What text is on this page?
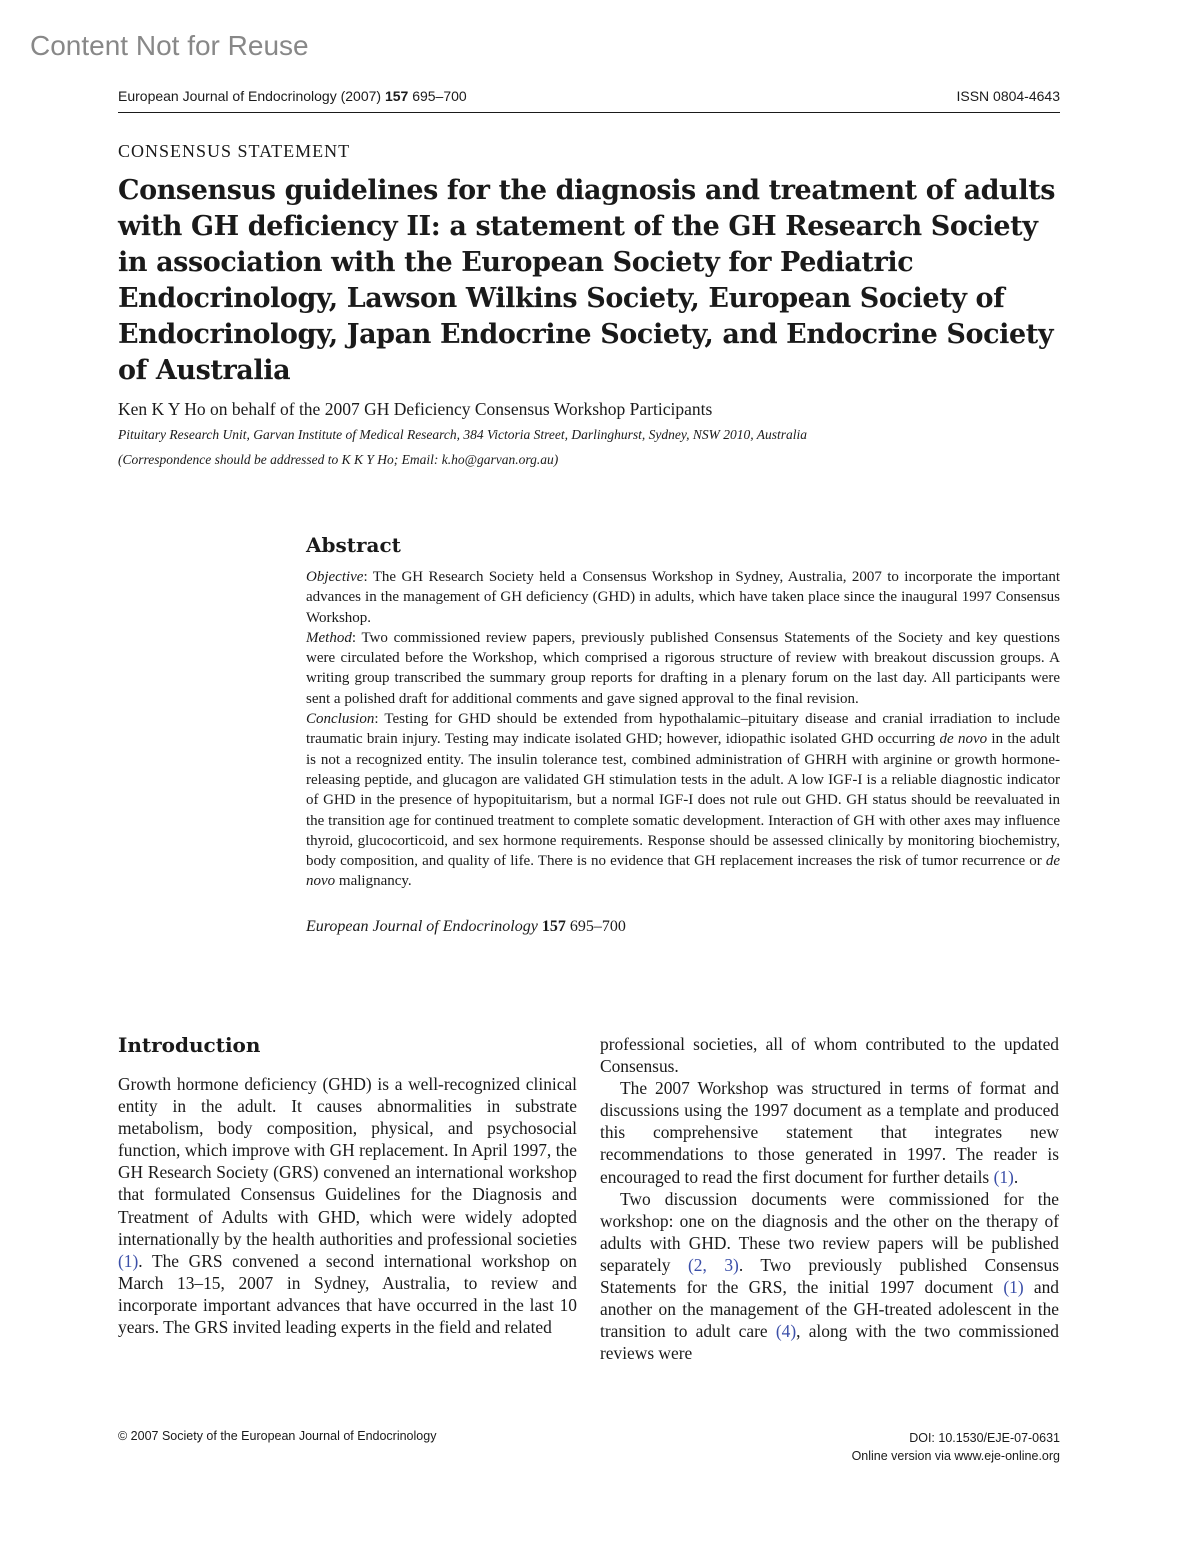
Content Not for Reuse
European Journal of Endocrinology (2007) 157 695–700	ISSN 0804-4643
CONSENSUS STATEMENT
Consensus guidelines for the diagnosis and treatment of adults with GH deficiency II: a statement of the GH Research Society in association with the European Society for Pediatric Endocrinology, Lawson Wilkins Society, European Society of Endocrinology, Japan Endocrine Society, and Endocrine Society of Australia
Ken K Y Ho on behalf of the 2007 GH Deficiency Consensus Workshop Participants
Pituitary Research Unit, Garvan Institute of Medical Research, 384 Victoria Street, Darlinghurst, Sydney, NSW 2010, Australia
(Correspondence should be addressed to K K Y Ho; Email: k.ho@garvan.org.au)
Abstract

Objective: The GH Research Society held a Consensus Workshop in Sydney, Australia, 2007 to incorporate the important advances in the management of GH deficiency (GHD) in adults, which have taken place since the inaugural 1997 Consensus Workshop.

Method: Two commissioned review papers, previously published Consensus Statements of the Society and key questions were circulated before the Workshop, which comprised a rigorous structure of review with breakout discussion groups. A writing group transcribed the summary group reports for drafting in a plenary forum on the last day. All participants were sent a polished draft for additional comments and gave signed approval to the final revision.

Conclusion: Testing for GHD should be extended from hypothalamic–pituitary disease and cranial irradiation to include traumatic brain injury. Testing may indicate isolated GHD; however, idiopathic isolated GHD occurring de novo in the adult is not a recognized entity. The insulin tolerance test, combined administration of GHRH with arginine or growth hormone-releasing peptide, and glucagon are validated GH stimulation tests in the adult. A low IGF-I is a reliable diagnostic indicator of GHD in the presence of hypopituitarism, but a normal IGF-I does not rule out GHD. GH status should be reevaluated in the transition age for continued treatment to complete somatic development. Interaction of GH with other axes may influence thyroid, glucocorticoid, and sex hormone requirements. Response should be assessed clinically by monitoring biochemistry, body composition, and quality of life. There is no evidence that GH replacement increases the risk of tumor recurrence or de novo malignancy.

European Journal of Endocrinology 157 695–700
Introduction

Growth hormone deficiency (GHD) is a well-recognized clinical entity in the adult. It causes abnormalities in substrate metabolism, body composition, physical, and psychosocial function, which improve with GH replacement. In April 1997, the GH Research Society (GRS) convened an international workshop that formulated Consensus Guidelines for the Diagnosis and Treatment of Adults with GHD, which were widely adopted internationally by the health authorities and professional societies (1). The GRS convened a second international workshop on March 13–15, 2007 in Sydney, Australia, to review and incorporate important advances that have occurred in the last 10 years. The GRS invited leading experts in the field and related

professional societies, all of whom contributed to the updated Consensus.

The 2007 Workshop was structured in terms of format and discussions using the 1997 document as a template and produced this comprehensive statement that integrates new recommendations to those generated in 1997. The reader is encouraged to read the first document for further details (1).

Two discussion documents were commissioned for the workshop: one on the diagnosis and the other on the therapy of adults with GHD. These two review papers will be published separately (2, 3). Two previously published Consensus Statements for the GRS, the initial 1997 document (1) and another on the management of the GH-treated adolescent in the transition to adult care (4), along with the two commissioned reviews were

© 2007 Society of the European Journal of Endocrinology	DOI: 10.1530/EJE-07-0631
Online version via www.eje-online.org
